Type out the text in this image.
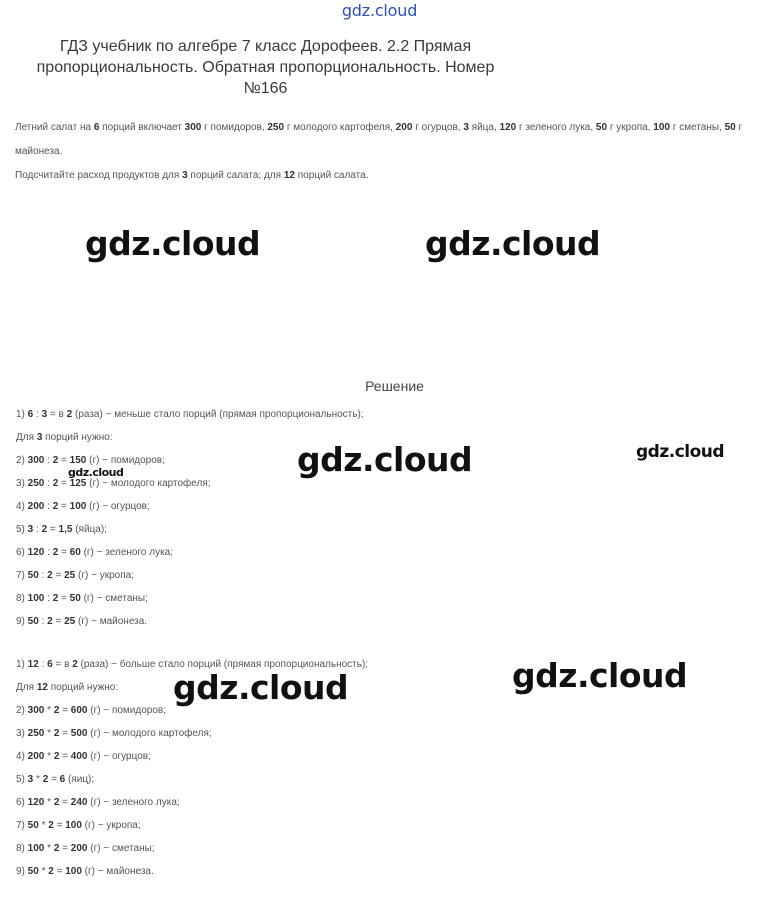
gdz.cloud
ГДЗ учебник по алгебре 7 класс Дорофеев. 2.2 Прямая
пропорциональность. Обратная пропорциональность. Номер
№166

Летний салат на 6 порций включает 300 г помидоров, 250 г молодого картофеля, 200 г огурцов, 3 яйца, 120 г зеленого лука, 50 г укропа, 100 г сметаны, 50 г майонеза.

Подсчитайте расход продуктов для 3 порций салата; для 12 порций салата.

gdz.cloud	gdz.cloud
Решение
1) 6 : 3 = в 2 (раза) − меньше стало порций (прямая пропорциональность);
Для 3 порций нужно:
2) 300 : 2 = 150 (г) − помидоров;
3) 250 : 2 = 125 (г) − молодого картофеля;
4) 200 : 2 = 100 (г) − огурцов;
5) 3 : 2 = 1,5 (яйца);
6) 120 : 2 = 60 (г) − зеленого лука;
7) 50 : 2 = 25 (г) − укропа;
8) 100 : 2 = 50 (г) − сметаны;
9) 50 : 2 = 25 (г) − майонеза.
1) 12 : 6 = в 2 (раза) − больше стало порций (прямая пропорциональность);
Для 12 порций нужно:
2) 300 * 2 = 600 (г) − помидоров;
3) 250 * 2 = 500 (г) − молодого картофеля;
4) 200 * 2 = 400 (г) − огурцов;
5) 3 * 2 = 6 (яиц);
6) 120 * 2 = 240 (г) − зеленого лука;
7) 50 * 2 = 100 (г) − укропа;
8) 100 * 2 = 200 (г) − сметаны;
9) 50 * 2 = 100 (г) − майонеза.
gdz.cloud	gdz.cloud
gdz.cloud
gdz.cloud
gdz.cloud
